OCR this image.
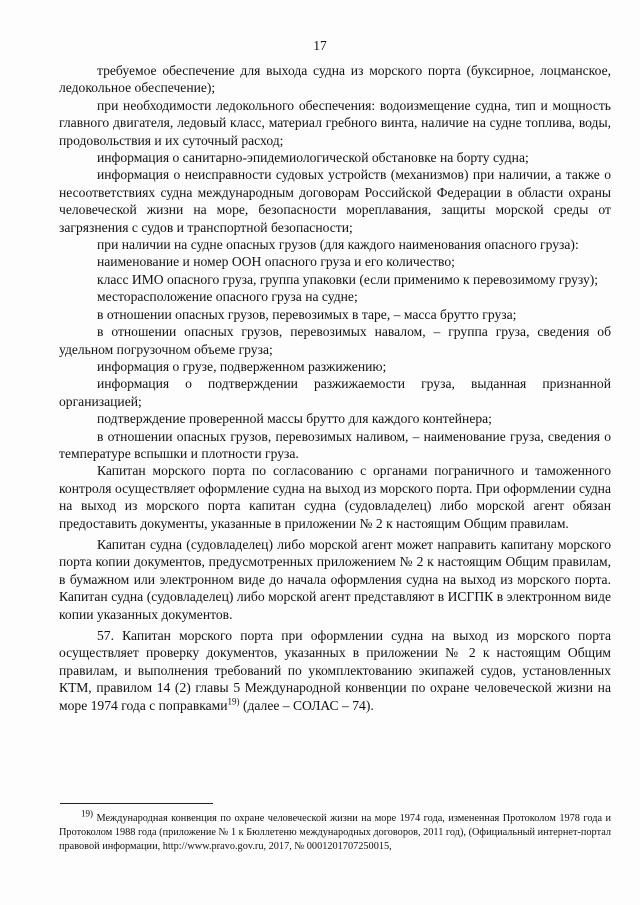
17

требуемое обеспечение для выхода судна из морского порта (буксирное, лоцманское, ледокольное обеспечение);

при необходимости ледокольного обеспечения: водоизмещение судна, тип и мощность главного двигателя, ледовый класс, материал гребного винта, наличие на судне топлива, воды, продовольствия и их суточный расход;

информация о санитарно-эпидемиологической обстановке на борту судна;

информация о неисправности судовых устройств (механизмов) при наличии, а также о несоответствиях судна международным договорам Российской Федерации в области охраны человеческой жизни на море, безопасности мореплавания, защиты морской среды от загрязнения с судов и транспортной безопасности;

при наличии на судне опасных грузов (для каждого наименования опасного груза):

наименование и номер ООН опасного груза и его количество;

класс ИМО опасного груза, группа упаковки (если применимо к перевозимому грузу);

месторасположение опасного груза на судне;

в отношении опасных грузов, перевозимых в таре, – масса брутто груза;

в отношении опасных грузов, перевозимых навалом, – группа груза, сведения об удельном погрузочном объеме груза;

информация о грузе, подверженном разжижению;

информация о подтверждении разжижаемости груза, выданная признанной организацией;

подтверждение проверенной массы брутто для каждого контейнера;

в отношении опасных грузов, перевозимых наливом, – наименование груза, сведения о температуре вспышки и плотности груза.

Капитан морского порта по согласованию с органами пограничного и таможенного контроля осуществляет оформление судна на выход из морского порта. При оформлении судна на выход из морского порта капитан судна (судовладелец) либо морской агент обязан предоставить документы, указанные в приложении № 2 к настоящим Общим правилам.

Капитан судна (судовладелец) либо морской агент может направить капитану морского порта копии документов, предусмотренных приложением № 2 к настоящим Общим правилам, в бумажном или электронном виде до начала оформления судна на выход из морского порта. Капитан судна (судовладелец) либо морской агент представляют в ИСГПК в электронном виде копии указанных документов.

57. Капитан морского порта при оформлении судна на выход из морского порта осуществляет проверку документов, указанных в приложении № 2 к настоящим Общим правилам, и выполнения требований по укомплектованию экипажей судов, установленных КТМ, правилом 14 (2) главы 5 Международной конвенции по охране человеческой жизни на море 1974 года с поправками$^{19)}$ (далее – СОЛАС – 74).

$^{19)}$ Международная конвенция по охране человеческой жизни на море 1974 года, измененная Протоколом 1978 года и Протоколом 1988 года (приложение № 1 к Бюллетеню международных договоров, 2011 год), (Официальный интернет-портал правовой информации, http://www.pravo.gov.ru, 2017, № 0001201707250015,
